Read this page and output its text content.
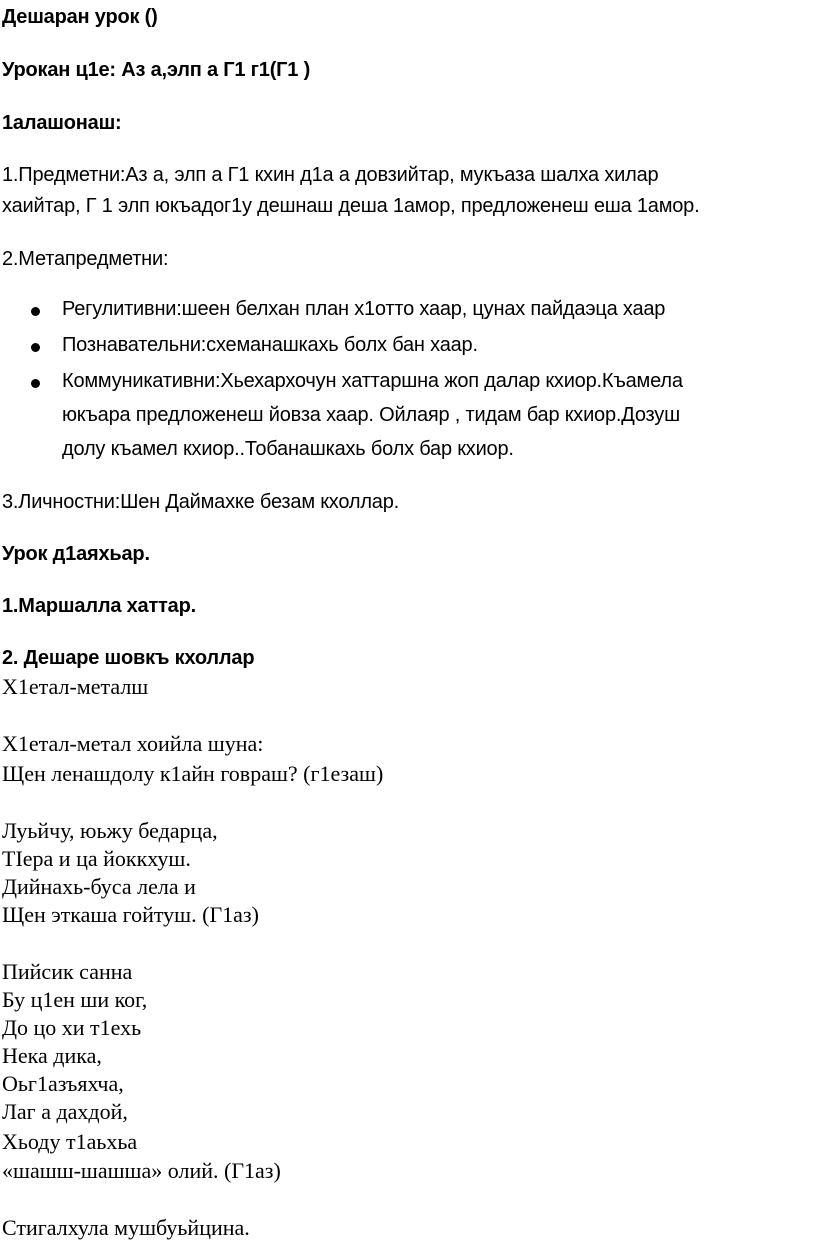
Дешаран урок ()
Урокан ц1е: Аз а,элп а Г1 г1(Г1 )
1алашонаш:
1.Предметни:Аз а, элп а Г1 кхин д1а а довзийтар, мукъаза шалха хилар
хаийтар, Г 1 элп юкъадог1у дешнаш деша 1амор, предложенеш еша 1амор.
2.Метапредметни:
Регулитивни:шеен белхан план х1отто хаар, цунах пайдаэца хаар
Познавательни:схеманашкахь болх бан хаар.
Коммуникативни:Хьехархочун хаттаршна жоп далар кхиор.Къамела
юкъара предложенеш йовза хаар. Ойлаяр , тидам бар кхиор.Дозуш
долу къамел кхиор..Тобанашкахь болх бар кхиор.
3.Личностни:Шен Даймахке безам кхоллар.
Урок д1аяхьар.
1.Маршалла хаттар.
2. Дешаре шовкъ кхоллар
Х1етал-металш
Х1етал-метал хоийла шуна:
Щен ленашдолу к1айн говраш? (г1езаш)
Луьйчу, юьжу бедарца,
ТIера и ца йоккхуш.
Дийнахь-буса лела и
Щен эткаша гойтуш. (Г1аз)
Пийсик санна
Бу ц1ен ши ког,
До цо хи т1ехь
Нека дика,
Оьг1азъяхча,
Лаг а дахдой,
Хьоду т1аьхьа
«шашш-шашша» олий. (Г1аз)
Стигалхула мушбуьйцина.
